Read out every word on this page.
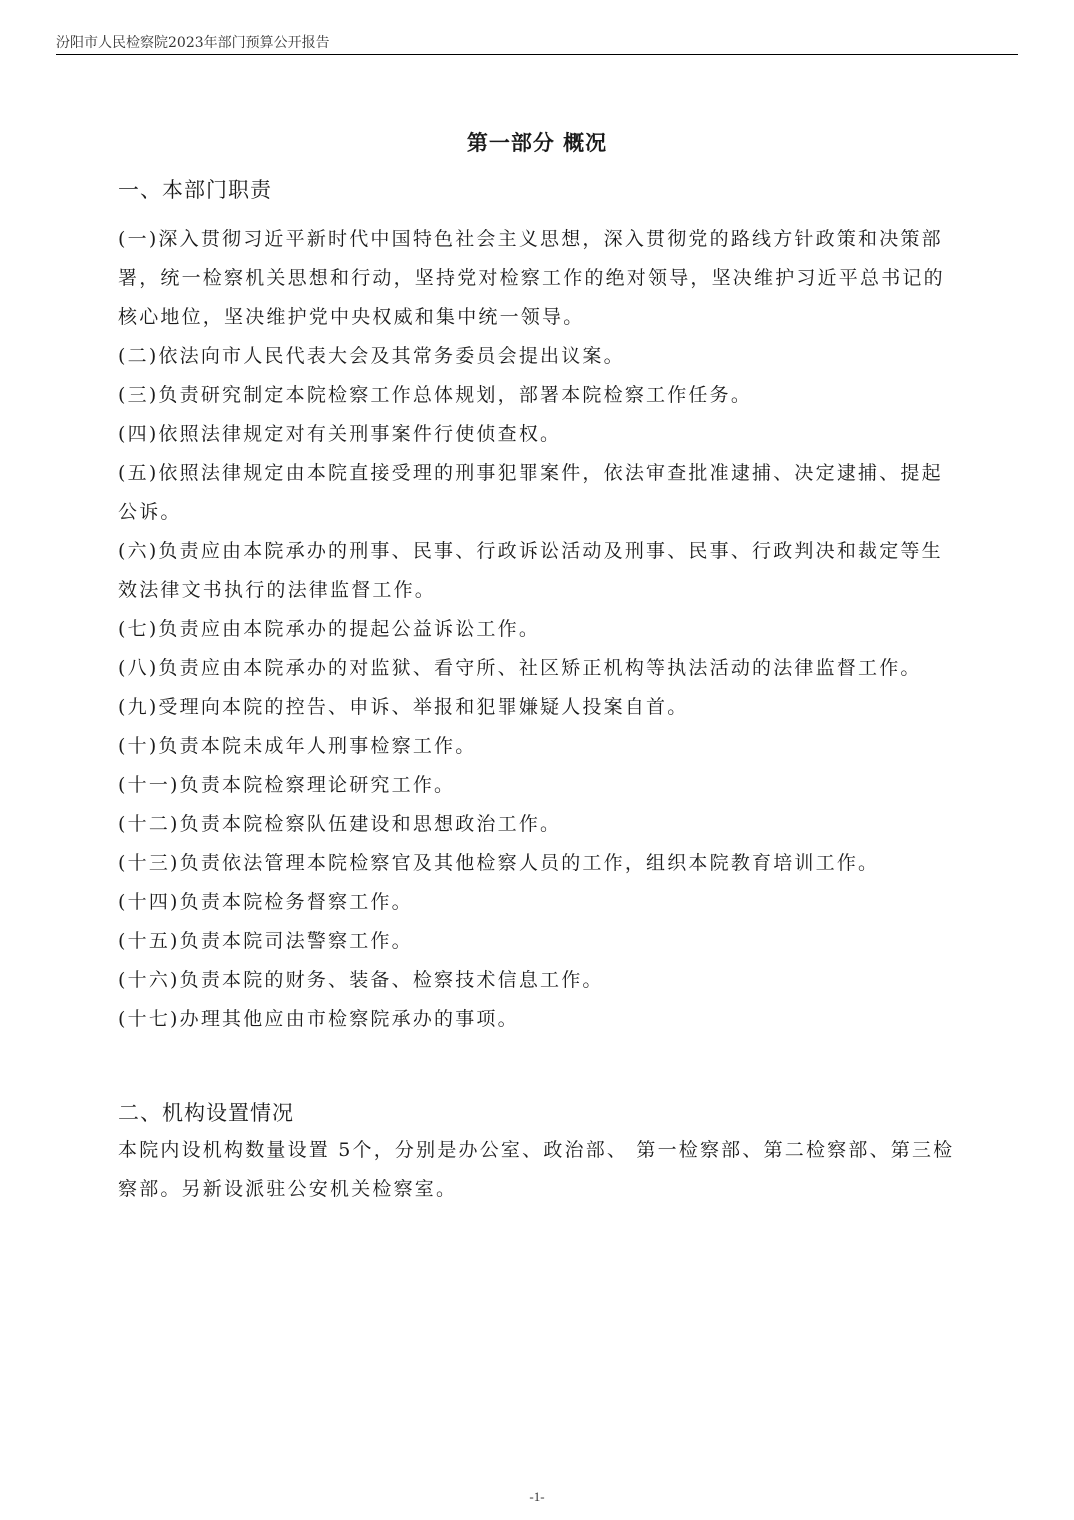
汾阳市人民检察院2023年部门预算公开报告
第一部分 概况
一、本部门职责

(一)深入贯彻习近平新时代中国特色社会主义思想，深入贯彻党的路线方针政策和决策部署，统一检察机关思想和行动，坚持党对检察工作的绝对领导，坚决维护习近平总书记的核心地位，坚决维护党中央权威和集中统一领导。

(二)依法向市人民代表大会及其常务委员会提出议案。

(三)负责研究制定本院检察工作总体规划，部署本院检察工作任务。

(四)依照法律规定对有关刑事案件行使侦查权。

(五)依照法律规定由本院直接受理的刑事犯罪案件，依法审查批准逮捕、决定逮捕、提起公诉。

(六)负责应由本院承办的刑事、民事、行政诉讼活动及刑事、民事、行政判决和裁定等生效法律文书执行的法律监督工作。

(七)负责应由本院承办的提起公益诉讼工作。

(八)负责应由本院承办的对监狱、看守所、社区矫正机构等执法活动的法律监督工作。

(九)受理向本院的控告、申诉、举报和犯罪嫌疑人投案自首。

(十)负责本院未成年人刑事检察工作。

(十一)负责本院检察理论研究工作。

(十二)负责本院检察队伍建设和思想政治工作。

(十三)负责依法管理本院检察官及其他检察人员的工作，组织本院教育培训工作。

(十四)负责本院检务督察工作。

(十五)负责本院司法警察工作。

(十六)负责本院的财务、装备、检察技术信息工作。

(十七)办理其他应由市检察院承办的事项。

二、机构设置情况

本院内设机构数量设置 5个，分别是办公室、政治部、 第一检察部、第二检察部、第三检察部。另新设派驻公安机关检察室。

-1-
